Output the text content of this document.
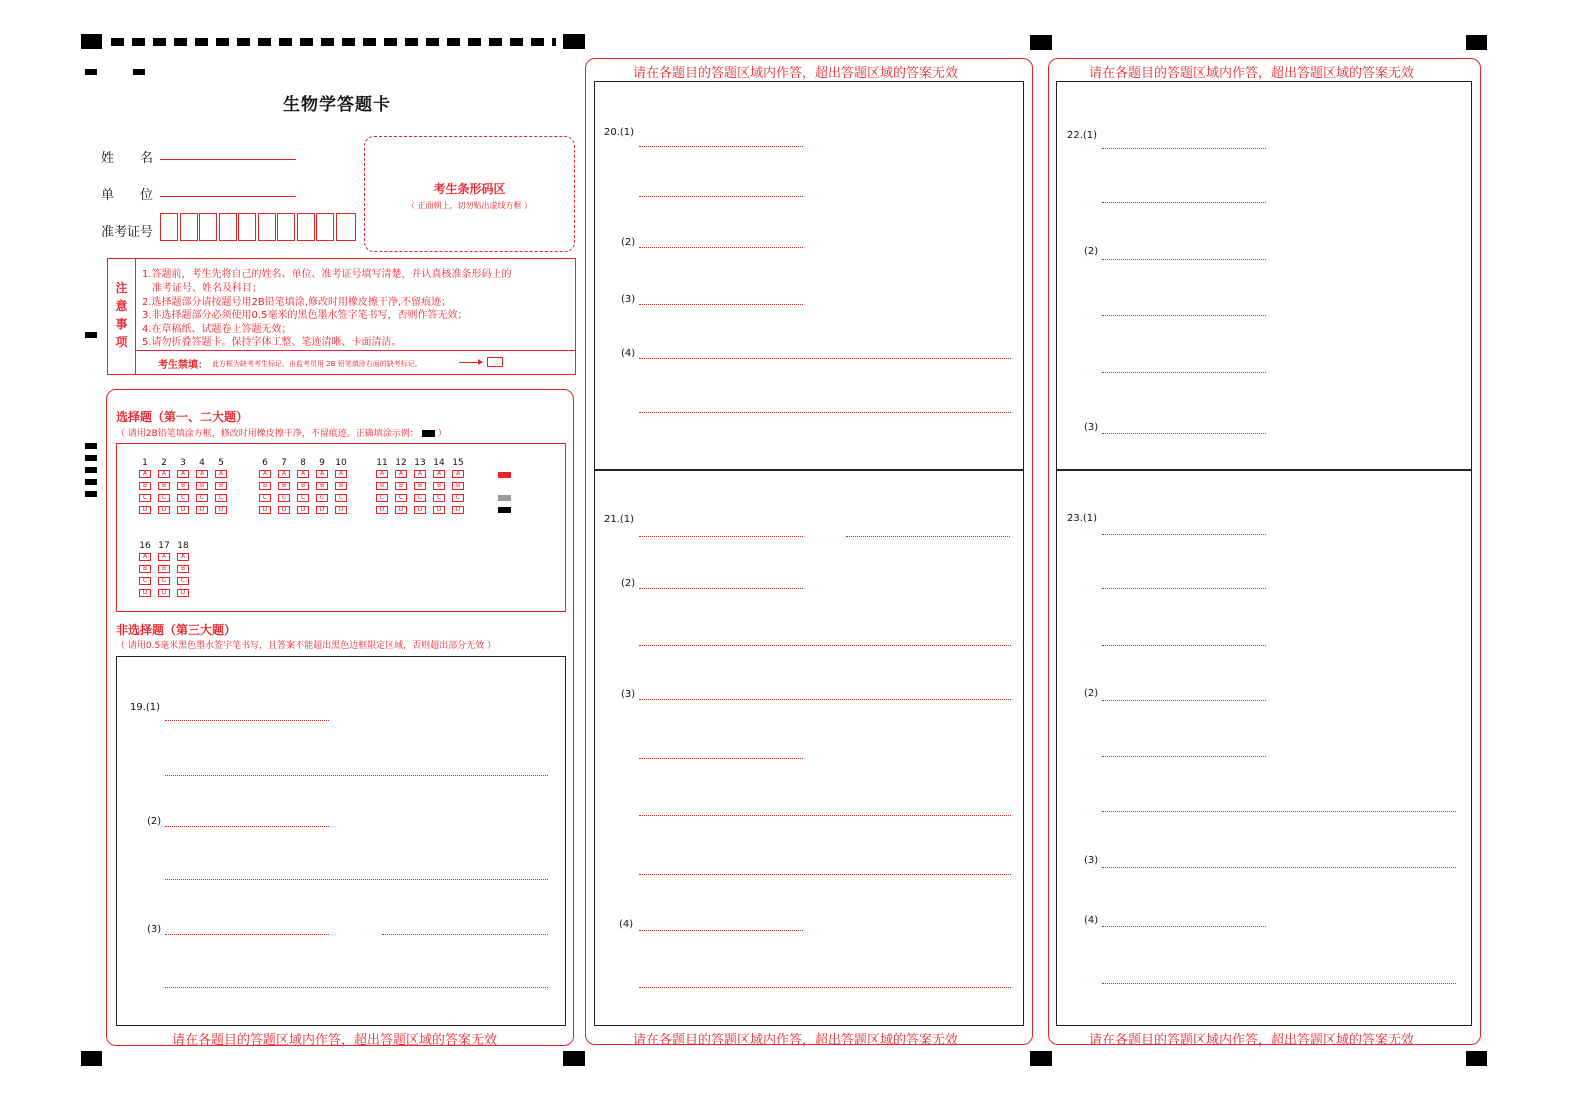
生物学答题卡
姓　　名
单　　位
准考证号
考生条形码区
（ 正面朝上，切勿贴出虚线方框 ）
注
意
事
项
1.答题前，考生先将自己的姓名、单位、准考证号填写清楚，并认真核准条形码上的
　准考证号、姓名及科目；
2.选择题部分请按题号用2B铅笔填涂,修改时用橡皮擦干净,不留痕迹；
3.非选择题部分必须使用0.5毫米的黑色墨水签字笔书写，否则作答无效；
4.在草稿纸、试题卷上答题无效；
5.请勿折叠答题卡。保持字体工整、笔迹清晰、卡面清洁。
考生禁填： 此方框为缺考考生标记，由监考员用 2B 铅笔填涂右面的缺考标记。
选择题（第一、二大题）
（ 请用2B铅笔填涂方框，修改时用橡皮擦干净，不留痕迹。正确填涂示例： ）
1
A
B
C
D
2
A
B
C
D
3
A
B
C
D
4
A
B
C
D
5
A
B
C
D
6
A
B
C
D
7
A
B
C
D
8
A
B
C
D
9
A
B
C
D
10
A
B
C
D
11
A
B
C
D
12
A
B
C
D
13
A
B
C
D
14
A
B
C
D
15
A
B
C
D
16
A
B
C
D
17
A
B
C
D
18
A
B
C
D
非选择题（第三大题）
（ 请用0.5毫米黑色墨水签字笔书写，且答案不能超出黑色边框限定区域，否则超出部分无效 ）
19.(1)
(2)
(3)
请在各题目的答题区域内作答，超出答题区域的答案无效
请在各题目的答题区域内作答，超出答题区域的答案无效
请在各题目的答题区域内作答，超出答题区域的答案无效
20.(1)
(2)
(3)
(4)
21.(1)
(2)
(3)
(4)
请在各题目的答题区域内作答，超出答题区域的答案无效
请在各题目的答题区域内作答，超出答题区域的答案无效
22.(1)
(2)
(3)
23.(1)
(2)
(3)
(4)
